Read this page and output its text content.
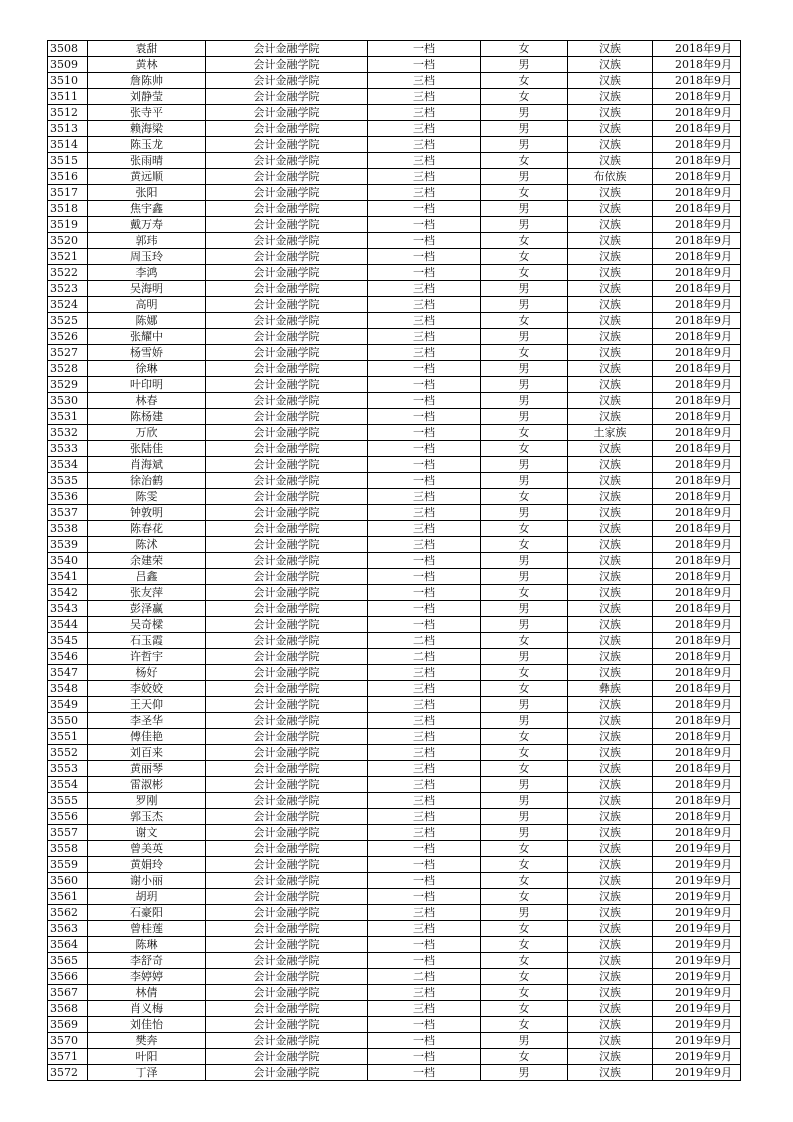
3508	袁甜	会计金融学院	一档	女	汉族	2018年9月
3509	黄林	会计金融学院	一档	男	汉族	2018年9月
3510	詹陈帅	会计金融学院	三档	女	汉族	2018年9月
3511	刘静莹	会计金融学院	三档	女	汉族	2018年9月
3512	张寺平	会计金融学院	三档	男	汉族	2018年9月
3513	赖海梁	会计金融学院	三档	男	汉族	2018年9月
3514	陈玉龙	会计金融学院	三档	男	汉族	2018年9月
3515	张雨晴	会计金融学院	三档	女	汉族	2018年9月
3516	黄远顺	会计金融学院	三档	男	布依族	2018年9月
3517	张阳	会计金融学院	三档	女	汉族	2018年9月
3518	焦宇鑫	会计金融学院	一档	男	汉族	2018年9月
3519	戴万寿	会计金融学院	一档	男	汉族	2018年9月
3520	郭玮	会计金融学院	一档	女	汉族	2018年9月
3521	周玉玲	会计金融学院	一档	女	汉族	2018年9月
3522	李鸿	会计金融学院	一档	女	汉族	2018年9月
3523	吴海明	会计金融学院	三档	男	汉族	2018年9月
3524	高明	会计金融学院	三档	男	汉族	2018年9月
3525	陈娜	会计金融学院	三档	女	汉族	2018年9月
3526	张耀中	会计金融学院	三档	男	汉族	2018年9月
3527	杨雪娇	会计金融学院	三档	女	汉族	2018年9月
3528	徐琳	会计金融学院	一档	男	汉族	2018年9月
3529	叶印明	会计金融学院	一档	男	汉族	2018年9月
3530	林春	会计金融学院	一档	男	汉族	2018年9月
3531	陈杨建	会计金融学院	一档	男	汉族	2018年9月
3532	万欣	会计金融学院	一档	女	土家族	2018年9月
3533	张陆佳	会计金融学院	一档	女	汉族	2018年9月
3534	肖海斌	会计金融学院	一档	男	汉族	2018年9月
3535	徐治鹤	会计金融学院	一档	男	汉族	2018年9月
3536	陈雯	会计金融学院	三档	女	汉族	2018年9月
3537	钟敦明	会计金融学院	三档	男	汉族	2018年9月
3538	陈春花	会计金融学院	三档	女	汉族	2018年9月
3539	陈沭	会计金融学院	三档	女	汉族	2018年9月
3540	余建荣	会计金融学院	一档	男	汉族	2018年9月
3541	吕鑫	会计金融学院	一档	男	汉族	2018年9月
3542	张友萍	会计金融学院	一档	女	汉族	2018年9月
3543	彭泽赢	会计金融学院	一档	男	汉族	2018年9月
3544	吴奇樑	会计金融学院	一档	男	汉族	2018年9月
3545	石玉霞	会计金融学院	二档	女	汉族	2018年9月
3546	许哲宇	会计金融学院	二档	男	汉族	2018年9月
3547	杨好	会计金融学院	三档	女	汉族	2018年9月
3548	李姣姣	会计金融学院	三档	女	彝族	2018年9月
3549	王天仰	会计金融学院	三档	男	汉族	2018年9月
3550	李圣华	会计金融学院	三档	男	汉族	2018年9月
3551	傅佳艳	会计金融学院	三档	女	汉族	2018年9月
3552	刘百来	会计金融学院	三档	女	汉族	2018年9月
3553	黄丽琴	会计金融学院	三档	女	汉族	2018年9月
3554	雷淑彬	会计金融学院	三档	男	汉族	2018年9月
3555	罗刚	会计金融学院	三档	男	汉族	2018年9月
3556	郭玉杰	会计金融学院	三档	男	汉族	2018年9月
3557	谢文	会计金融学院	三档	男	汉族	2018年9月
3558	曾美英	会计金融学院	一档	女	汉族	2019年9月
3559	黄娟玲	会计金融学院	一档	女	汉族	2019年9月
3560	谢小丽	会计金融学院	一档	女	汉族	2019年9月
3561	胡玥	会计金融学院	一档	女	汉族	2019年9月
3562	石豪阳	会计金融学院	三档	男	汉族	2019年9月
3563	曾桂莲	会计金融学院	三档	女	汉族	2019年9月
3564	陈琳	会计金融学院	一档	女	汉族	2019年9月
3565	李舒奇	会计金融学院	一档	女	汉族	2019年9月
3566	李婷婷	会计金融学院	二档	女	汉族	2019年9月
3567	林倩	会计金融学院	三档	女	汉族	2019年9月
3568	肖义梅	会计金融学院	三档	女	汉族	2019年9月
3569	刘佳怡	会计金融学院	一档	女	汉族	2019年9月
3570	樊奔	会计金融学院	一档	男	汉族	2019年9月
3571	叶阳	会计金融学院	一档	女	汉族	2019年9月
3572	丁泽	会计金融学院	一档	男	汉族	2019年9月
